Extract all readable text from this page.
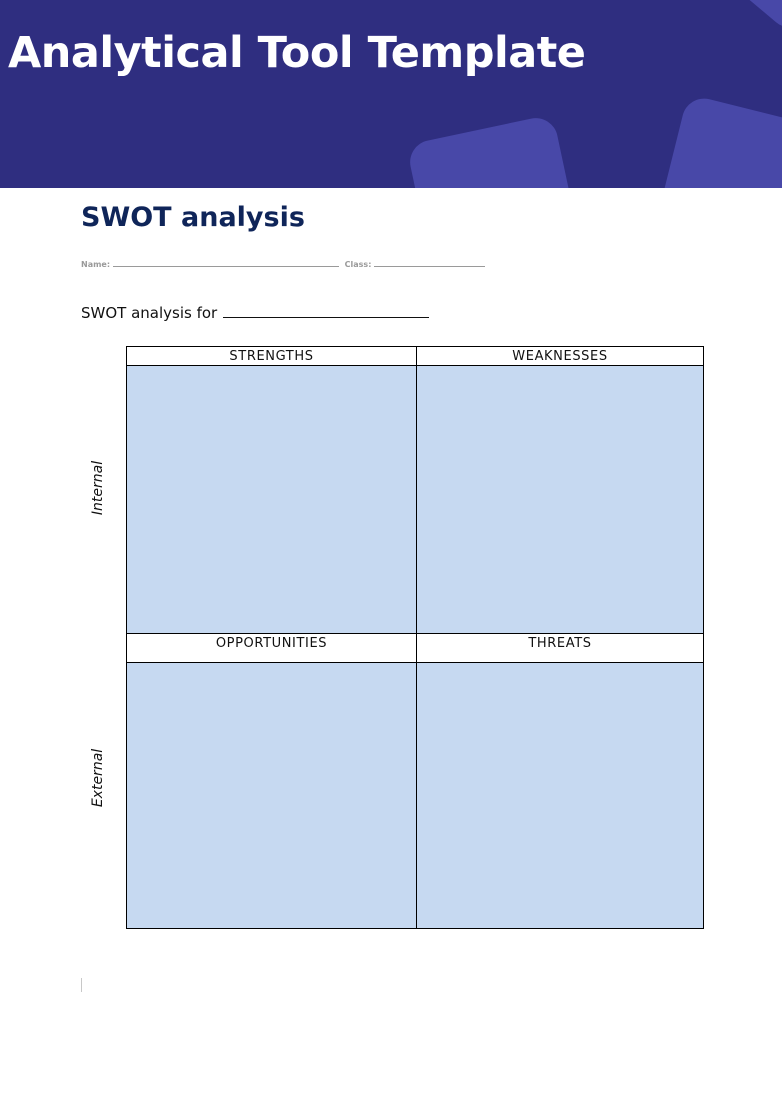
Analytical Tool Template
SWOT analysis
Name:	Class:
SWOT analysis for
Internal
External
STRENGTHS	WEAKNESSES
OPPORTUNITIES	THREATS
